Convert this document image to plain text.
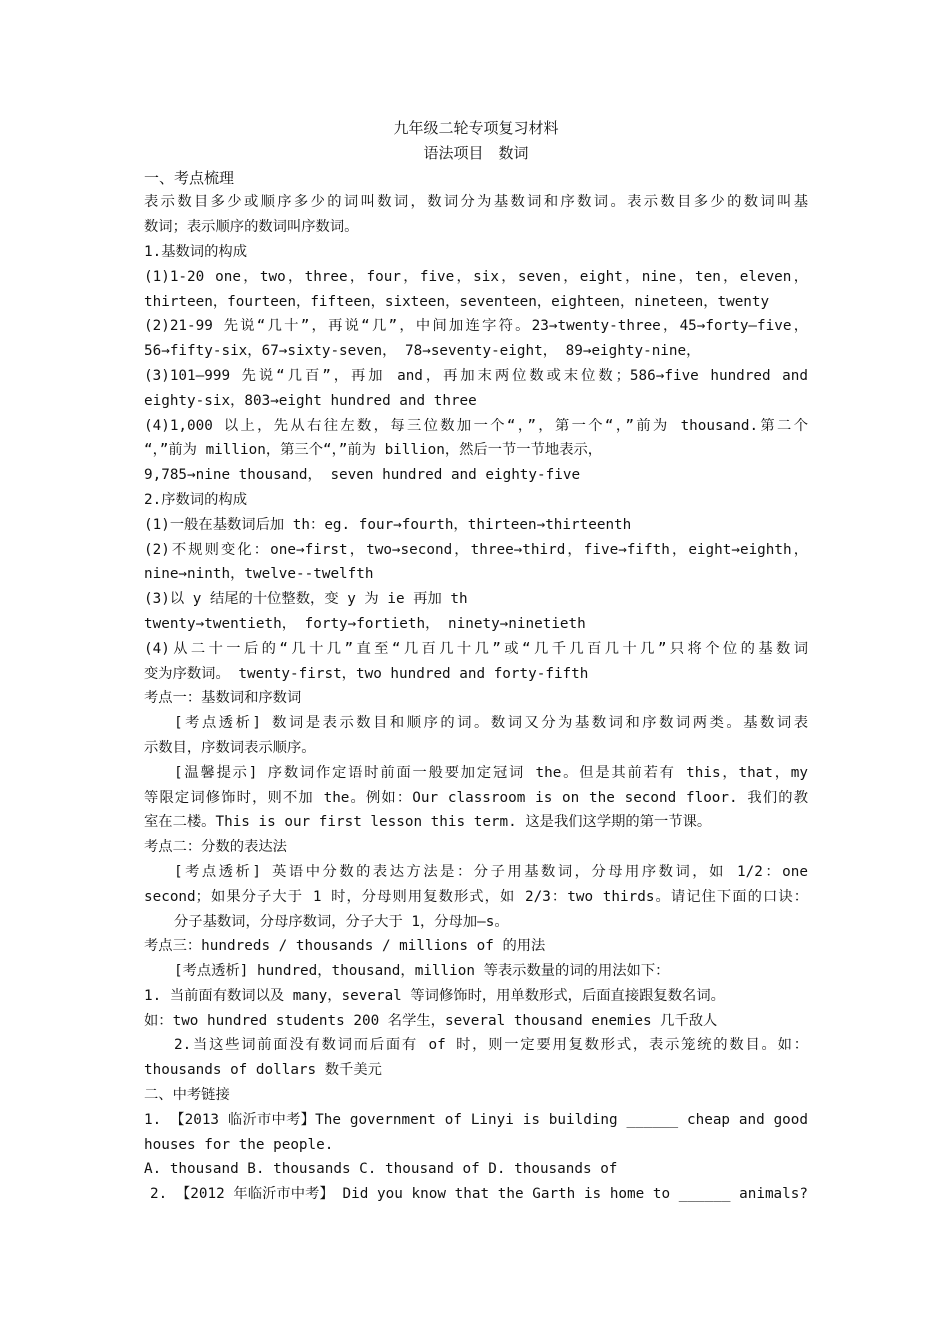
九年级二轮专项复习材料
语法项目　数词
一、考点梳理
表示数目多少或顺序多少的词叫数词，数词分为基数词和序数词。表示数目多少的数词叫基
数词；表示顺序的数词叫序数词。
1.基数词的构成
(1)1-20 one，two，three，four，five，six，seven，eight，nine，ten，eleven，
thirteen，fourteen，fifteen，sixteen，seventeen，eighteen，nineteen，twenty
(2)21-99 先说“几十”，再说“几”，中间加连字符。23→twenty-three，45→forty—five，
56→fifty-six，67→sixty-seven， 78→seventy-eight， 89→eighty-nine，
(3)101—999 先说“几百”，再加 and，再加末两位数或末位数；586→five hundred and
eighty-six，803→eight hundred and three
(4)1,000 以上，先从右往左数，每三位数加一个“，”，第一个“，”前为 thousand.第二个
“，”前为 million，第三个“，”前为 billion，然后一节一节地表示，
9,785→nine thousand， seven hundred and eighty-five
2.序数词的构成
(1)一般在基数词后加 th：eg. four→fourth，thirteen→thirteenth
(2)不规则变化：one→first，two→second，three→third，five→fifth，eight→eighth，
nine→ninth，twelve--twelfth
(3)以 y 结尾的十位整数，变 y 为 ie 再加 th
twenty→twentieth， forty→fortieth， ninety→ninetieth
(4)从二十一后的“几十几”直至“几百几十几”或“几千几百几十几”只将个位的基数词
变为序数词。 twenty-first，two hundred and forty-fifth
考点一：基数词和序数词
[考点透析] 数词是表示数目和顺序的词。数词又分为基数词和序数词两类。基数词表
示数目，序数词表示顺序。
[温馨提示] 序数词作定语时前面一般要加定冠词 the。但是其前若有 this，that，my
等限定词修饰时，则不加 the。例如：Our classroom is on the second floor. 我们的教
室在二楼。This is our first lesson this term. 这是我们这学期的第一节课。
考点二：分数的表达法
[考点透析] 英语中分数的表达方法是：分子用基数词，分母用序数词，如 1/2：one
second；如果分子大于 1 时，分母则用复数形式，如 2/3：two thirds。请记住下面的口诀：
分子基数词，分母序数词，分子大于 1，分母加—s。
考点三：hundreds / thousands / millions of 的用法
[考点透析] hundred，thousand，million 等表示数量的词的用法如下：
1. 当前面有数词以及 many，several 等词修饰时，用单数形式，后面直接跟复数名词。
如：two hundred students 200 名学生，several thousand enemies 几千敌人
2.当这些词前面没有数词而后面有 of 时，则一定要用复数形式，表示笼统的数目。如：
thousands of dollars 数千美元
二、中考链接
1. 【2013 临沂市中考】The government of Linyi is building ______ cheap and good
houses for the people.
A. thousand B. thousands C. thousand of D. thousands of
2. 【2012 年临沂市中考】 Did you know that the Garth is home to ______ animals?
